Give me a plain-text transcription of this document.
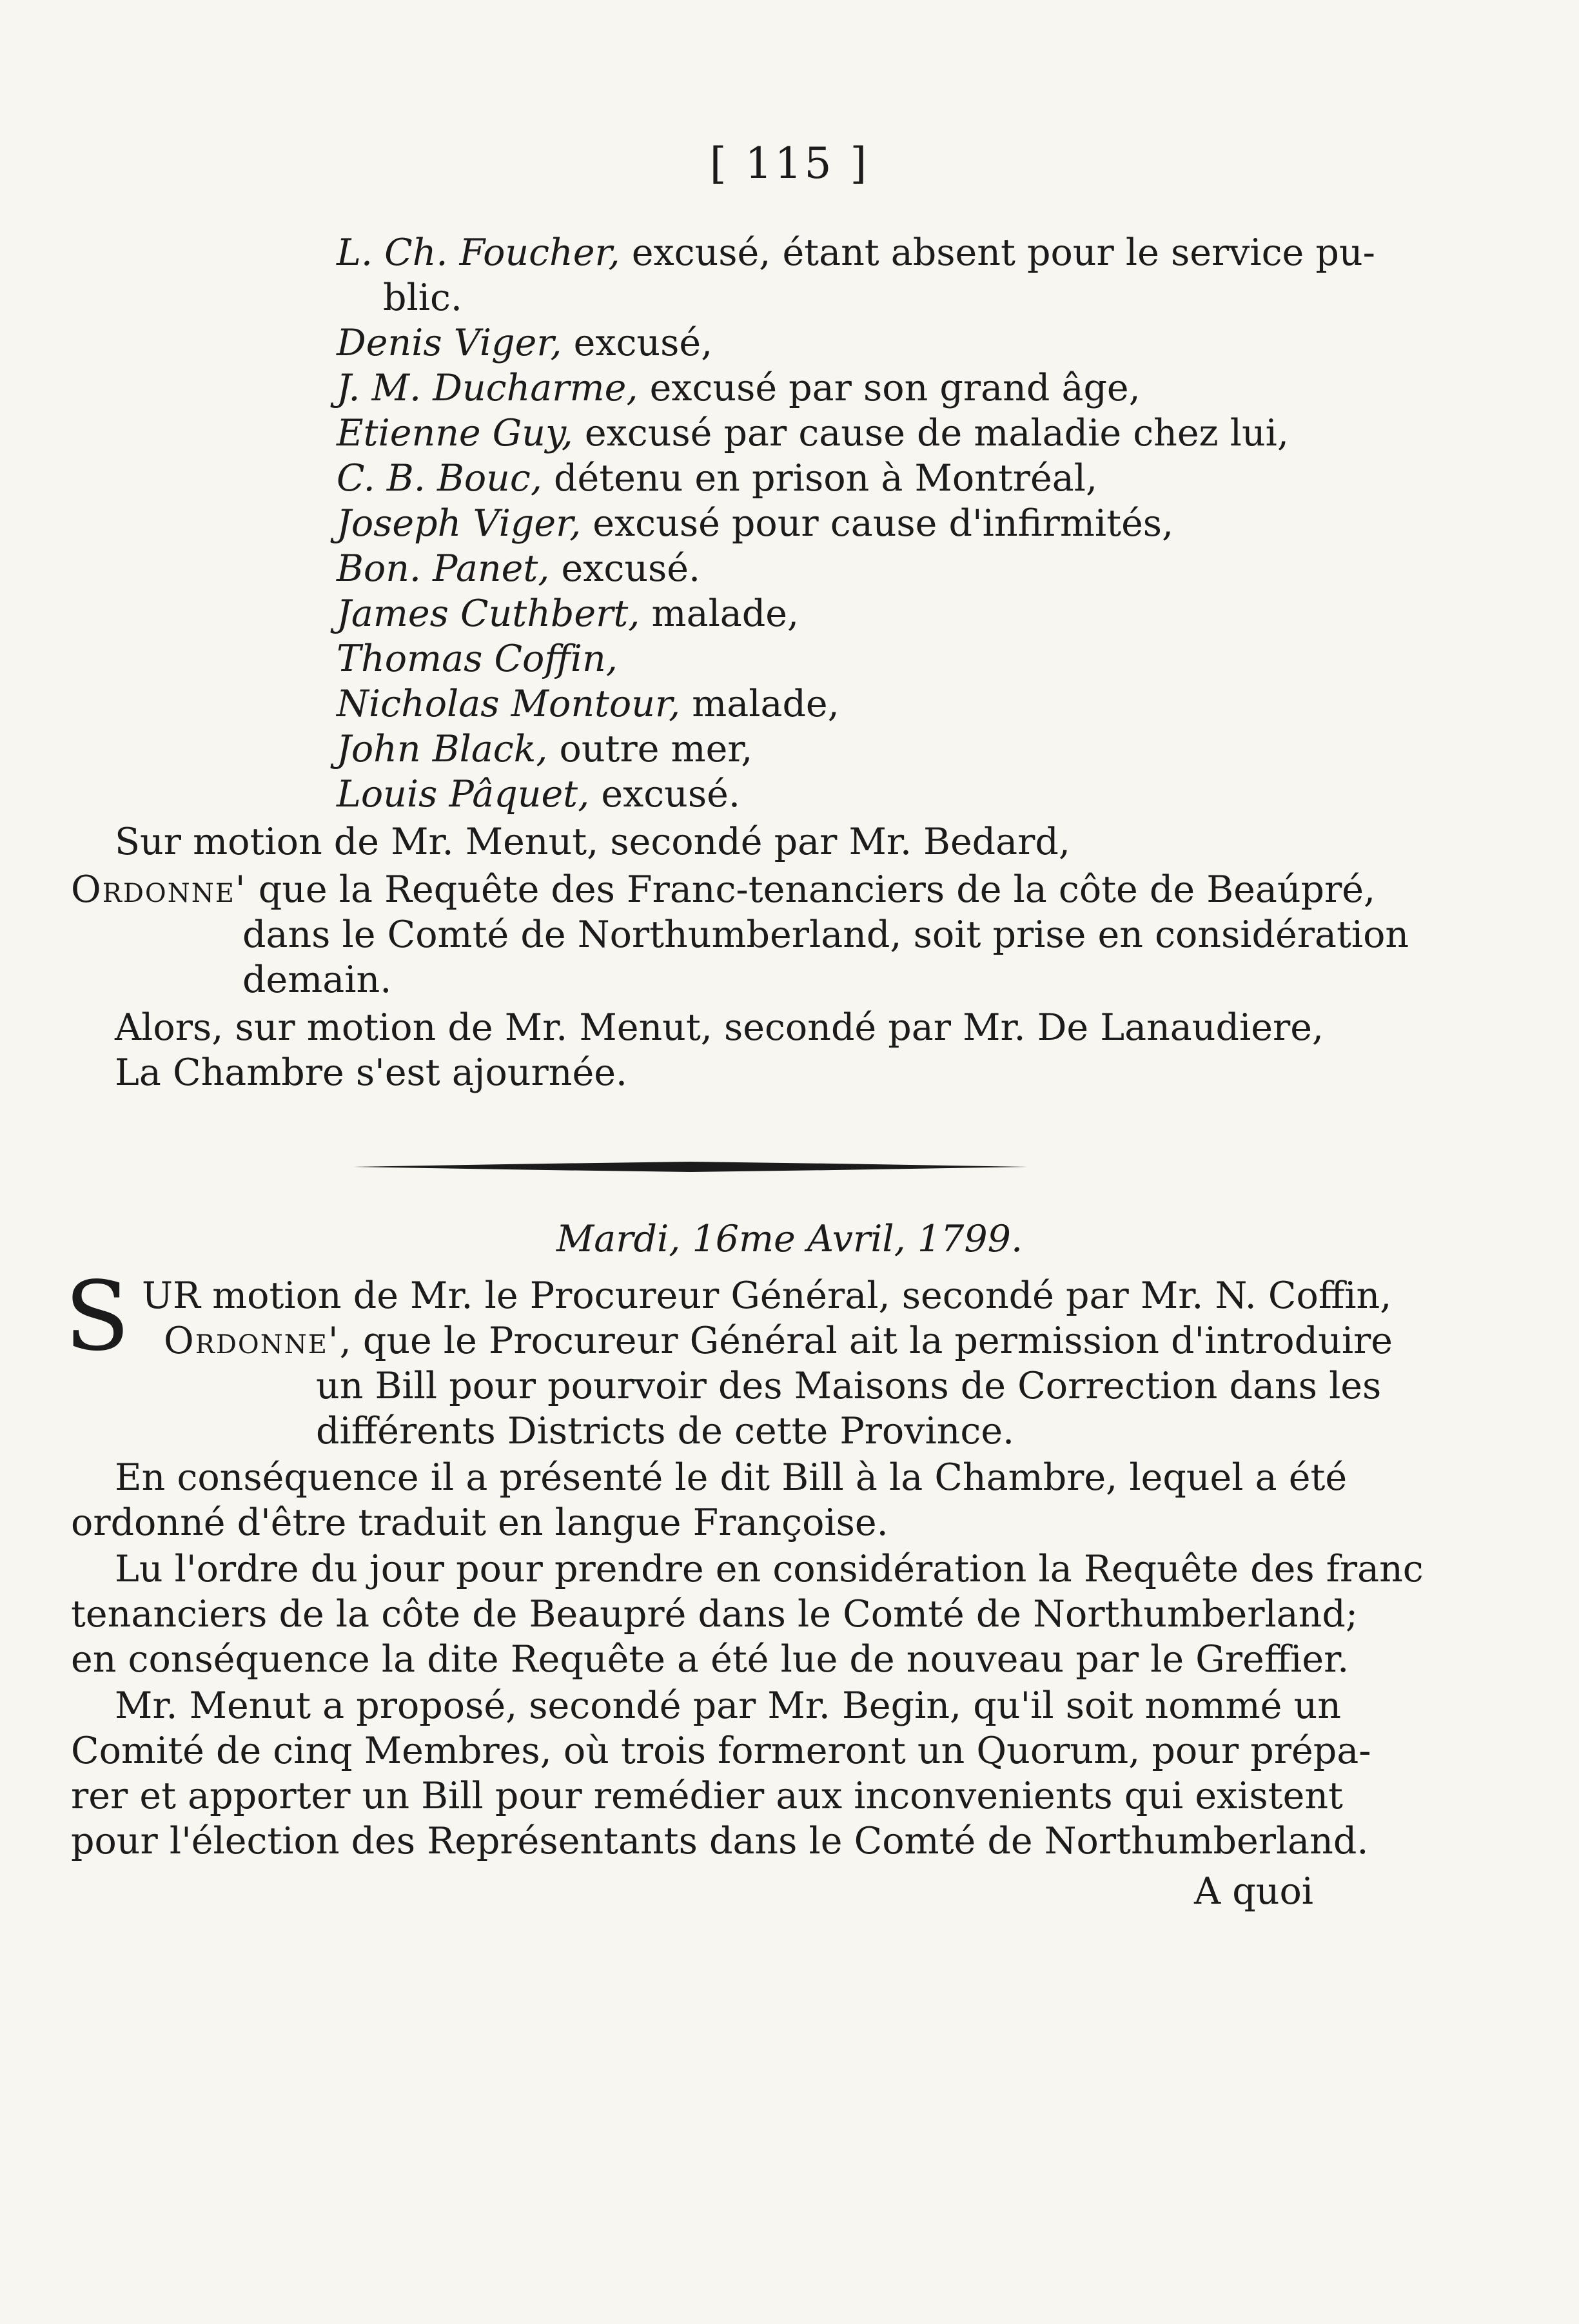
[ 115 ]
L. Ch. Foucher, excusé, étant absent pour le service pu-
blic.
Denis Viger, excusé,
J. M. Ducharme, excusé par son grand âge,
Etienne Guy, excusé par cause de maladie chez lui,
C. B. Bouc, détenu en prison à Montréal,
Joseph Viger, excusé pour cause d'infirmités,
Bon. Panet, excusé.
James Cuthbert, malade,
Thomas Coffin,
Nicholas Montour, malade,
John Black, outre mer,
Louis Pâquet, excusé.
Sur motion de Mr. Menut, secondé par Mr. Bedard,
Ordonne' que la Requête des Franc-tenanciers de la côte de Beaúpré,
dans le Comté de Northumberland, soit prise en considération
demain.
Alors, sur motion de Mr. Menut, secondé par Mr. De Lanaudiere,
La Chambre s'est ajournée.
Mardi, 16me Avril, 1799.
S UR motion de Mr. le Procureur Général, secondé par Mr. N. Coffin,
Ordonne', que le Procureur Général ait la permission d'introduire
un Bill pour pourvoir des Maisons de Correction dans les
différents Districts de cette Province.
En conséquence il a présenté le dit Bill à la Chambre, lequel a été
ordonné d'être traduit en langue Françoise.
Lu l'ordre du jour pour prendre en considération la Requête des franc
tenanciers de la côte de Beaupré dans le Comté de Northumberland;
en conséquence la dite Requête a été lue de nouveau par le Greffier.
Mr. Menut a proposé, secondé par Mr. Begin, qu'il soit nommé un
Comité de cinq Membres, où trois formeront un Quorum, pour prépa-
rer et apporter un Bill pour remédier aux inconvenients qui existent
pour l'élection des Représentants dans le Comté de Northumberland.
A quoi
